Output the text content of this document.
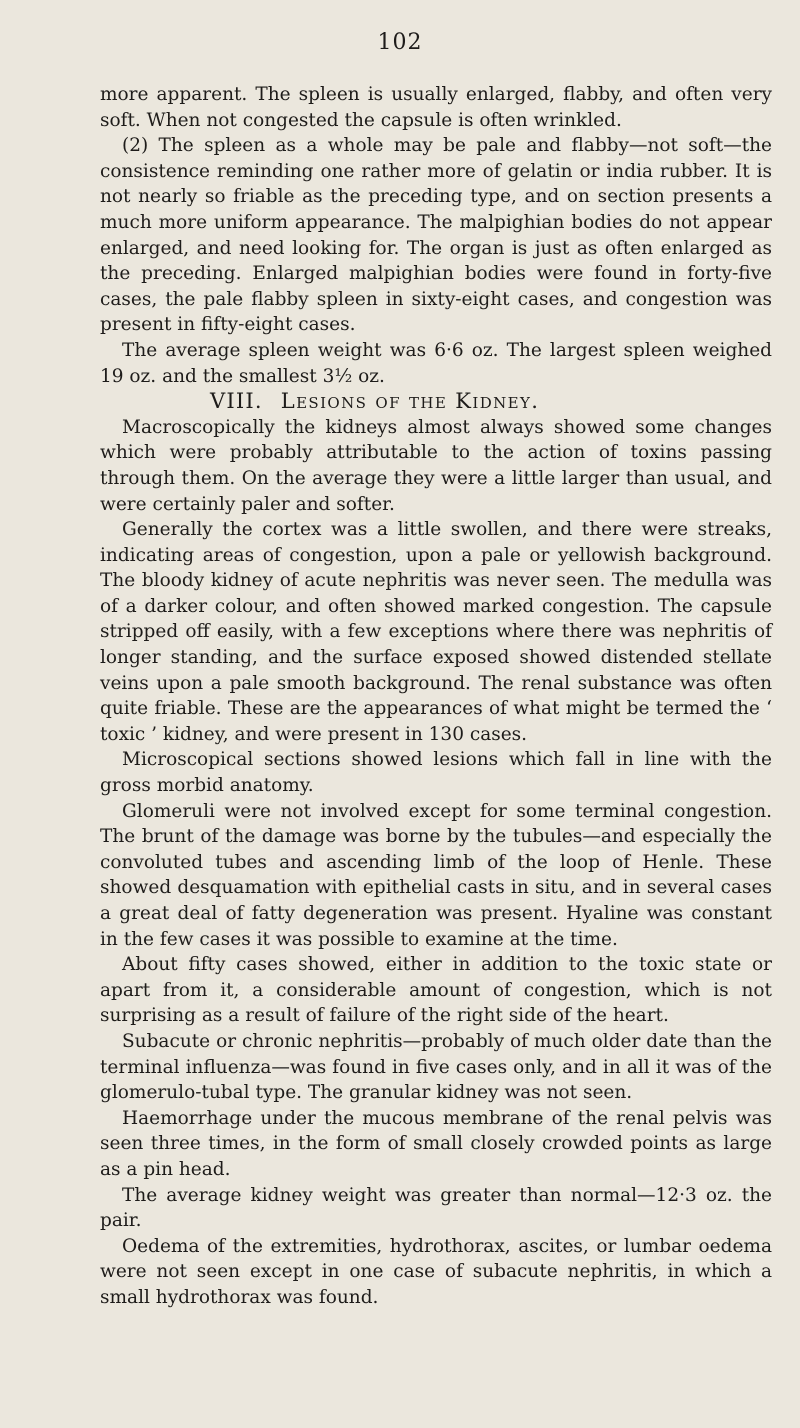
102

more apparent. The spleen is usually enlarged, flabby, and often very soft. When not congested the capsule is often wrinkled.

(2) The spleen as a whole may be pale and flabby—not soft—the consistence reminding one rather more of gelatin or india rubber. It is not nearly so friable as the preceding type, and on section presents a much more uniform appearance. The malpighian bodies do not appear enlarged, and need looking for. The organ is just as often enlarged as the preceding. Enlarged malpighian bodies were found in forty-five cases, the pale flabby spleen in sixty-eight cases, and congestion was present in fifty-eight cases.

The average spleen weight was 6·6 oz. The largest spleen weighed 19 oz. and the smallest 3½ oz.

VIII. Lesions of the Kidney.

Macroscopically the kidneys almost always showed some changes which were probably attributable to the action of toxins passing through them. On the average they were a little larger than usual, and were certainly paler and softer.

Generally the cortex was a little swollen, and there were streaks, indicating areas of congestion, upon a pale or yellowish background. The bloody kidney of acute nephritis was never seen. The medulla was of a darker colour, and often showed marked congestion. The capsule stripped off easily, with a few exceptions where there was nephritis of longer standing, and the surface exposed showed distended stellate veins upon a pale smooth background. The renal substance was often quite friable. These are the appearances of what might be termed the ‘ toxic ’ kidney, and were present in 130 cases.

Microscopical sections showed lesions which fall in line with the gross morbid anatomy.

Glomeruli were not involved except for some terminal congestion. The brunt of the damage was borne by the tubules—and especially the convoluted tubes and ascending limb of the loop of Henle. These showed desquamation with epithelial casts in situ, and in several cases a great deal of fatty degeneration was present. Hyaline was constant in the few cases it was possible to examine at the time.

About fifty cases showed, either in addition to the toxic state or apart from it, a considerable amount of congestion, which is not surprising as a result of failure of the right side of the heart.

Subacute or chronic nephritis—probably of much older date than the terminal influenza—was found in five cases only, and in all it was of the glomerulo-tubal type. The granular kidney was not seen.

Haemorrhage under the mucous membrane of the renal pelvis was seen three times, in the form of small closely crowded points as large as a pin head.

The average kidney weight was greater than normal—12·3 oz. the pair.

Oedema of the extremities, hydrothorax, ascites, or lumbar oedema were not seen except in one case of subacute nephritis, in which a small hydrothorax was found.
